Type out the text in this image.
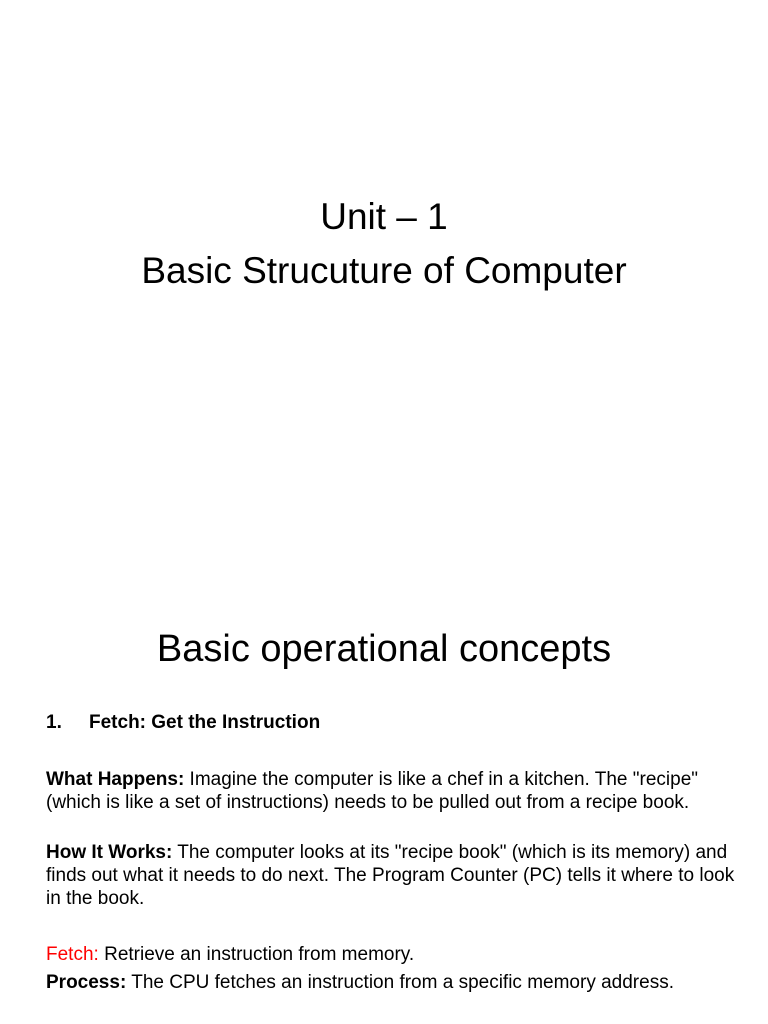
Unit – 1
Basic Strucuture of Computer
Basic operational concepts
1. Fetch: Get the Instruction

What Happens: Imagine the computer is like a chef in a kitchen. The "recipe" (which is like a set of instructions) needs to be pulled out from a recipe book.

How It Works: The computer looks at its "recipe book" (which is its memory) and finds out what it needs to do next. The Program Counter (PC) tells it where to look in the book.

Fetch: Retrieve an instruction from memory.

Process: The CPU fetches an instruction from a specific memory address.
